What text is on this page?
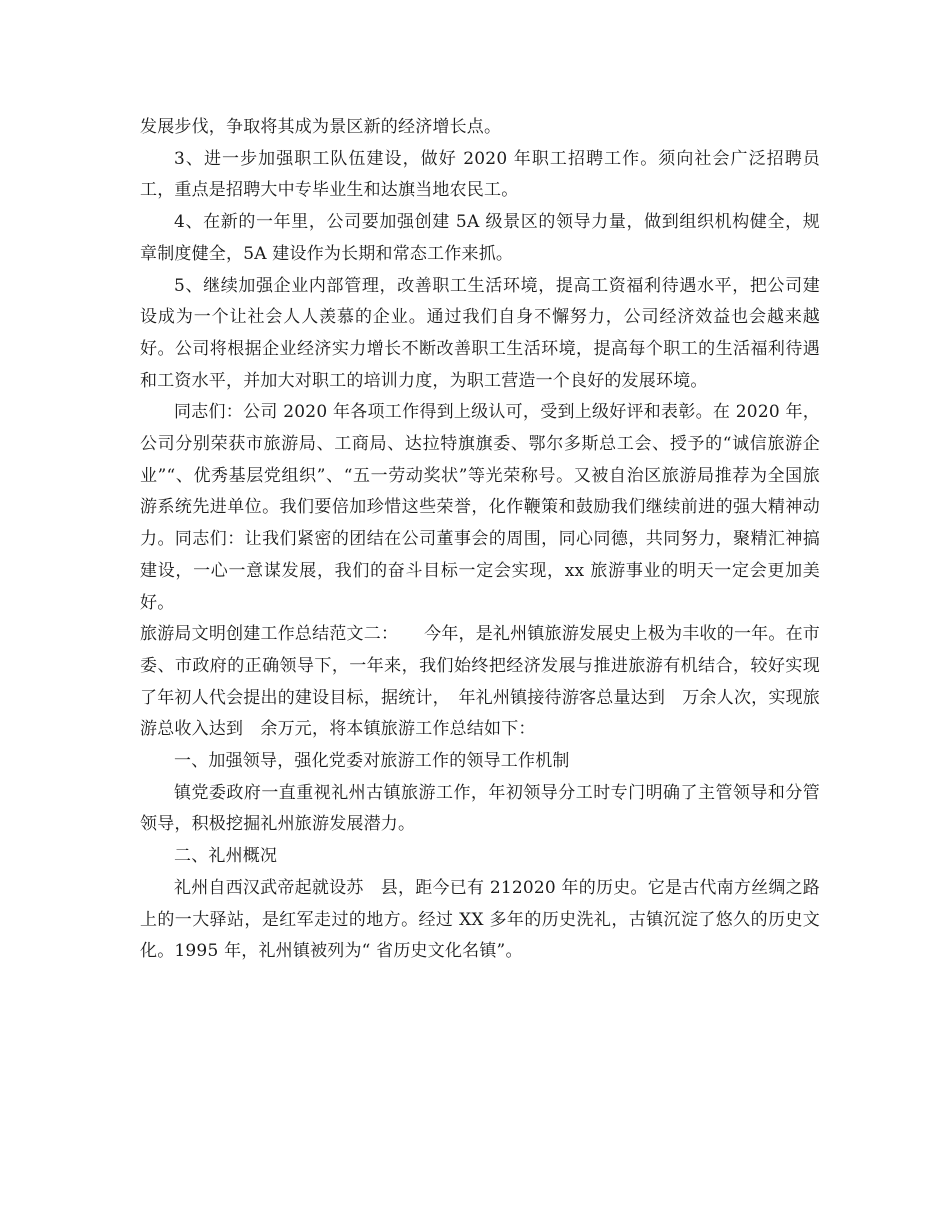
发展步伐，争取将其成为景区新的经济增长点。

3、进一步加强职工队伍建设，做好 2020 年职工招聘工作。须向社会广泛招聘员工，重点是招聘大中专毕业生和达旗当地农民工。

4、在新的一年里，公司要加强创建 5A 级景区的领导力量，做到组织机构健全，规章制度健全，5A 建设作为长期和常态工作来抓。

5、继续加强企业内部管理，改善职工生活环境，提高工资福利待遇水平，把公司建设成为一个让社会人人羡慕的企业。通过我们自身不懈努力，公司经济效益也会越来越好。公司将根据企业经济实力增长不断改善职工生活环境，提高每个职工的生活福利待遇和工资水平，并加大对职工的培训力度，为职工营造一个良好的发展环境。

同志们：公司 2020 年各项工作得到上级认可，受到上级好评和表彰。在 2020 年，公司分别荣获市旅游局、工商局、达拉特旗旗委、鄂尔多斯总工会、授予的“诚信旅游企业”“、优秀基层党组织”、“五一劳动奖状”等光荣称号。又被自治区旅游局推荐为全国旅游系统先进单位。我们要倍加珍惜这些荣誉，化作鞭策和鼓励我们继续前进的强大精神动力。同志们：让我们紧密的团结在公司董事会的周围，同心同德，共同努力，聚精汇神搞建设，一心一意谋发展，我们的奋斗目标一定会实现，xx 旅游事业的明天一定会更加美好。

旅游局文明创建工作总结范文二：　　今年，是礼州镇旅游发展史上极为丰收的一年。在市委、市政府的正确领导下，一年来，我们始终把经济发展与推进旅游有机结合，较好实现了年初人代会提出的建设目标，据统计，　年礼州镇接待游客总量达到　万余人次，实现旅游总收入达到　余万元，将本镇旅游工作总结如下：

一、加强领导，强化党委对旅游工作的领导工作机制

镇党委政府一直重视礼州古镇旅游工作，年初领导分工时专门明确了主管领导和分管领导，积极挖掘礼州旅游发展潜力。

二、礼州概况

礼州自西汉武帝起就设苏　县，距今已有 212020 年的历史。它是古代南方丝绸之路上的一大驿站，是红军走过的地方。经过 XX 多年的历史洗礼，古镇沉淀了悠久的历史文化。1995 年，礼州镇被列为“ 省历史文化名镇”。
